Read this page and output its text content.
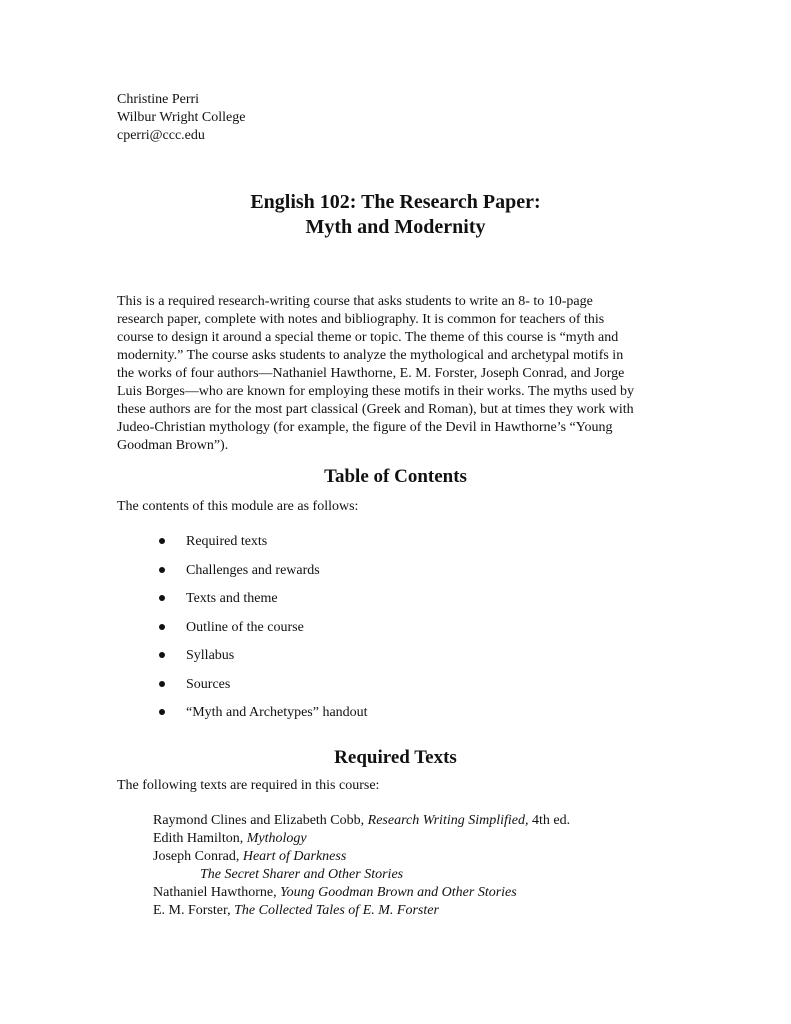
Christine Perri
Wilbur Wright College
cperri@ccc.edu
English 102: The Research Paper:
Myth and Modernity
This is a required research-writing course that asks students to write an 8- to 10-page
research paper, complete with notes and bibliography. It is common for teachers of this
course to design it around a special theme or topic. The theme of this course is “myth and
modernity.” The course asks students to analyze the mythological and archetypal motifs in
the works of four authors—Nathaniel Hawthorne, E. M. Forster, Joseph Conrad, and Jorge
Luis Borges—who are known for employing these motifs in their works. The myths used by
these authors are for the most part classical (Greek and Roman), but at times they work with
Judeo-Christian mythology (for example, the figure of the Devil in Hawthorne’s “Young
Goodman Brown”).
Table of Contents
The contents of this module are as follows:
Required texts
Challenges and rewards
Texts and theme
Outline of the course
Syllabus
Sources
“Myth and Archetypes” handout
Required Texts
The following texts are required in this course:
Raymond Clines and Elizabeth Cobb, Research Writing Simplified, 4th ed.
Edith Hamilton, Mythology
Joseph Conrad, Heart of Darkness
The Secret Sharer and Other Stories
Nathaniel Hawthorne, Young Goodman Brown and Other Stories
E. M. Forster, The Collected Tales of E. M. Forster
